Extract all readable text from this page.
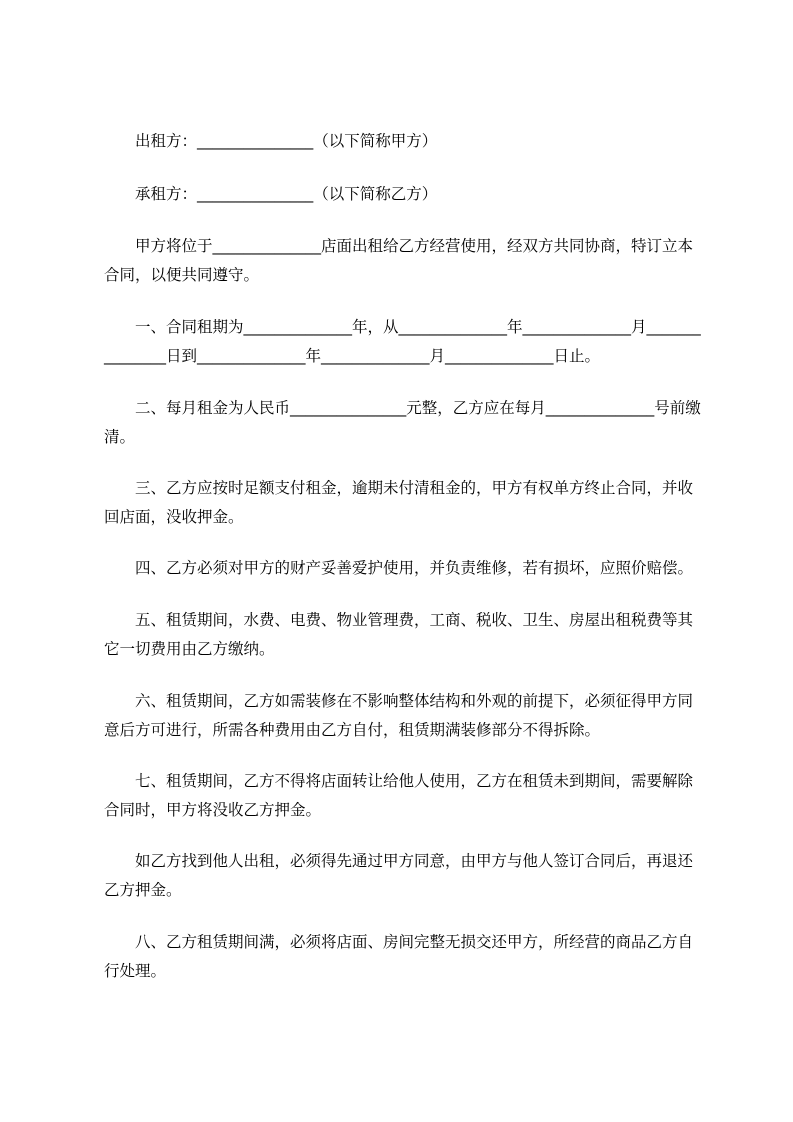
出租方：_______________（以下简称甲方）

承租方：_______________（以下简称乙方）

甲方将位于______________店面出租给乙方经营使用，经双方共同协商，特订立本合同，以便共同遵守。

一、合同租期为______________年，从______________年______________月_______________日到______________年______________月______________日止。

二、每月租金为人民币_______________元整，乙方应在每月______________号前缴清。

三、乙方应按时足额支付租金，逾期未付清租金的，甲方有权单方终止合同，并收回店面，没收押金。

四、乙方必须对甲方的财产妥善爱护使用，并负责维修，若有损坏，应照价赔偿。

五、租赁期间，水费、电费、物业管理费，工商、税收、卫生、房屋出租税费等其它一切费用由乙方缴纳。

六、租赁期间，乙方如需装修在不影响整体结构和外观的前提下，必须征得甲方同意后方可进行，所需各种费用由乙方自付，租赁期满装修部分不得拆除。

七、租赁期间，乙方不得将店面转让给他人使用，乙方在租赁未到期间，需要解除合同时，甲方将没收乙方押金。

如乙方找到他人出租，必须得先通过甲方同意，由甲方与他人签订合同后，再退还乙方押金。

八、乙方租赁期间满，必须将店面、房间完整无损交还甲方，所经营的商品乙方自行处理。
